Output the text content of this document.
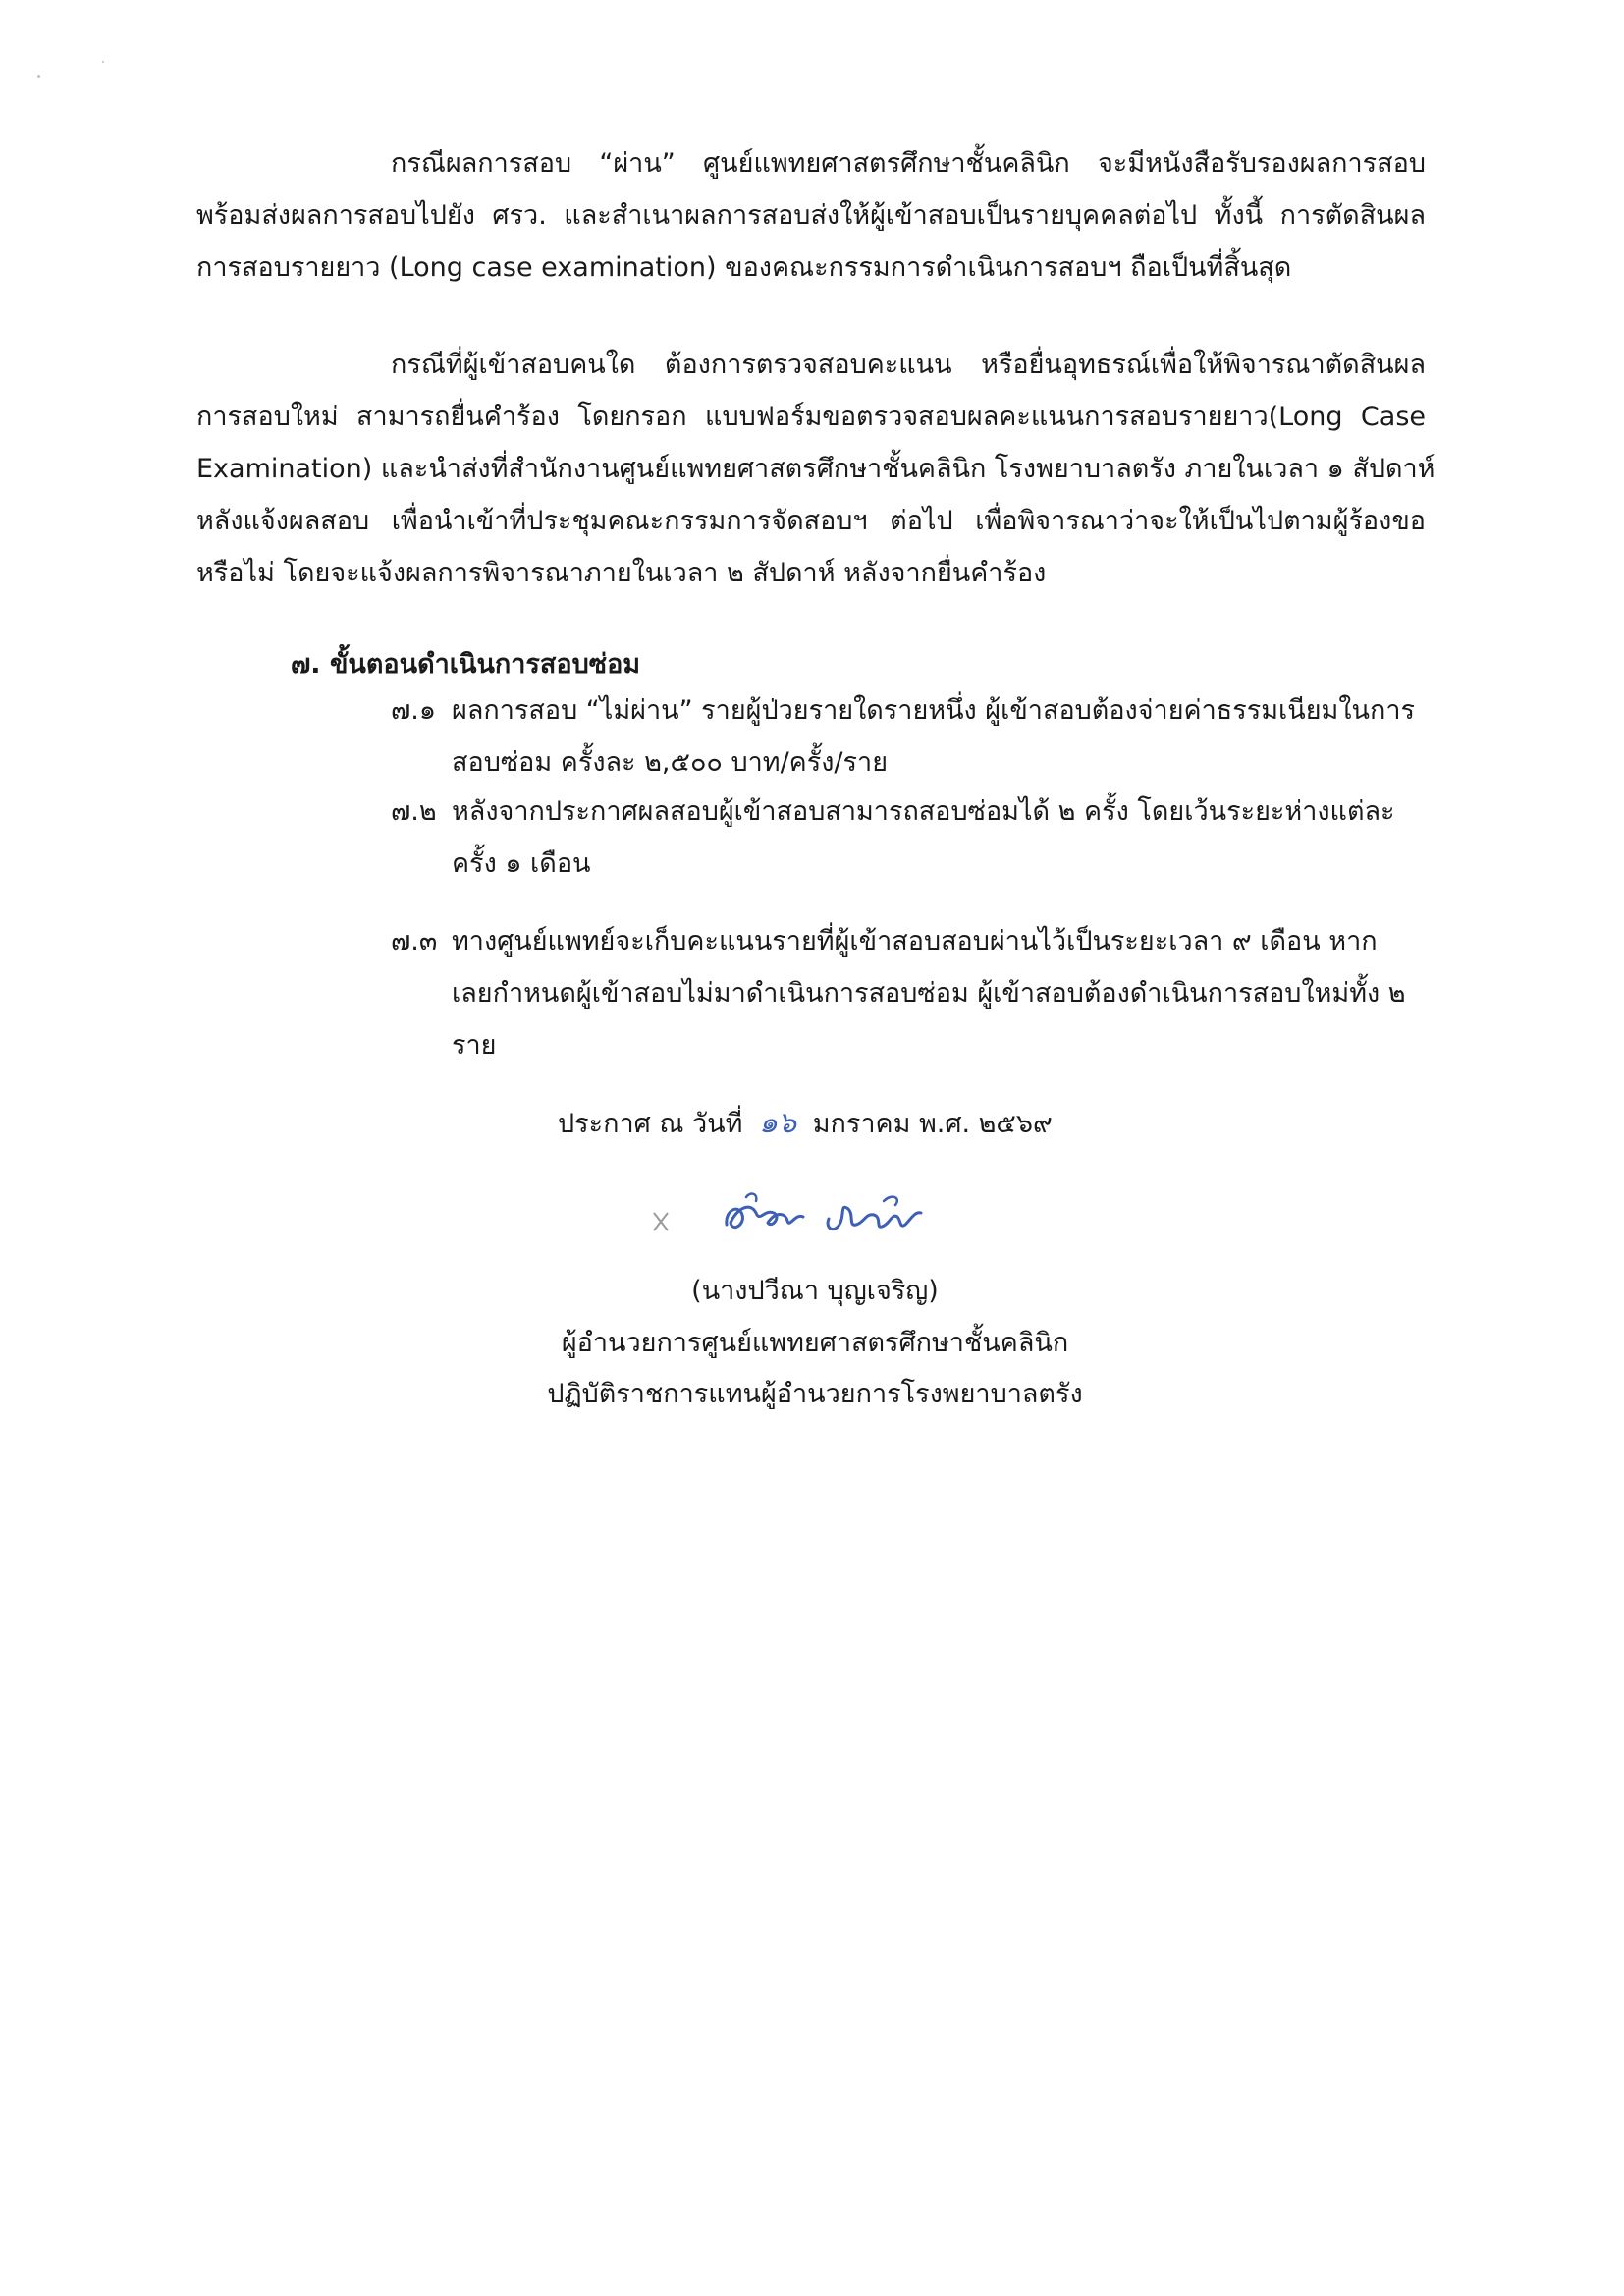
กรณีผลการสอบ “ผ่าน” ศูนย์แพทยศาสตรศึกษาชั้นคลินิก จะมีหนังสือรับรองผลการสอบ
พร้อมส่งผลการสอบไปยัง ศรว. และสำเนาผลการสอบส่งให้ผู้เข้าสอบเป็นรายบุคคลต่อไป ทั้งนี้ การตัดสินผล
การสอบรายยาว (Long case examination) ของคณะกรรมการดำเนินการสอบฯ ถือเป็นที่สิ้นสุด
กรณีที่ผู้เข้าสอบคนใด ต้องการตรวจสอบคะแนน หรือยื่นอุทธรณ์เพื่อให้พิจารณาตัดสินผล
การสอบใหม่ สามารถยื่นคำร้อง โดยกรอก แบบฟอร์มขอตรวจสอบผลคะแนนการสอบรายยาว(Long Case
Examination) และนำส่งที่สำนักงานศูนย์แพทยศาสตรศึกษาชั้นคลินิก โรงพยาบาลตรัง ภายในเวลา ๑ สัปดาห์
หลังแจ้งผลสอบ เพื่อนำเข้าที่ประชุมคณะกรรมการจัดสอบฯ ต่อไป เพื่อพิจารณาว่าจะให้เป็นไปตามผู้ร้องขอ
หรือไม่ โดยจะแจ้งผลการพิจารณาภายในเวลา ๒ สัปดาห์ หลังจากยื่นคำร้อง
๗. ขั้นตอนดำเนินการสอบซ่อม
๗.๑ ผลการสอบ “ไม่ผ่าน” รายผู้ป่วยรายใดรายหนึ่ง ผู้เข้าสอบต้องจ่ายค่าธรรมเนียมในการ
สอบซ่อม ครั้งละ ๒,๕๐๐ บาท/ครั้ง/ราย
๗.๒ หลังจากประกาศผลสอบผู้เข้าสอบสามารถสอบซ่อมได้ ๒ ครั้ง โดยเว้นระยะห่างแต่ละ
ครั้ง ๑ เดือน
๗.๓ ทางศูนย์แพทย์จะเก็บคะแนนรายที่ผู้เข้าสอบสอบผ่านไว้เป็นระยะเวลา ๙ เดือน หาก
เลยกำหนดผู้เข้าสอบไม่มาดำเนินการสอบซ่อม ผู้เข้าสอบต้องดำเนินการสอบใหม่ทั้ง ๒
ราย
ประกาศ ณ วันที่ ๑๖ มกราคม พ.ศ. ๒๕๖๙
(นางปวีณา บุญเจริญ)
ผู้อำนวยการศูนย์แพทยศาสตรศึกษาชั้นคลินิก
ปฏิบัติราชการแทนผู้อำนวยการโรงพยาบาลตรัง
